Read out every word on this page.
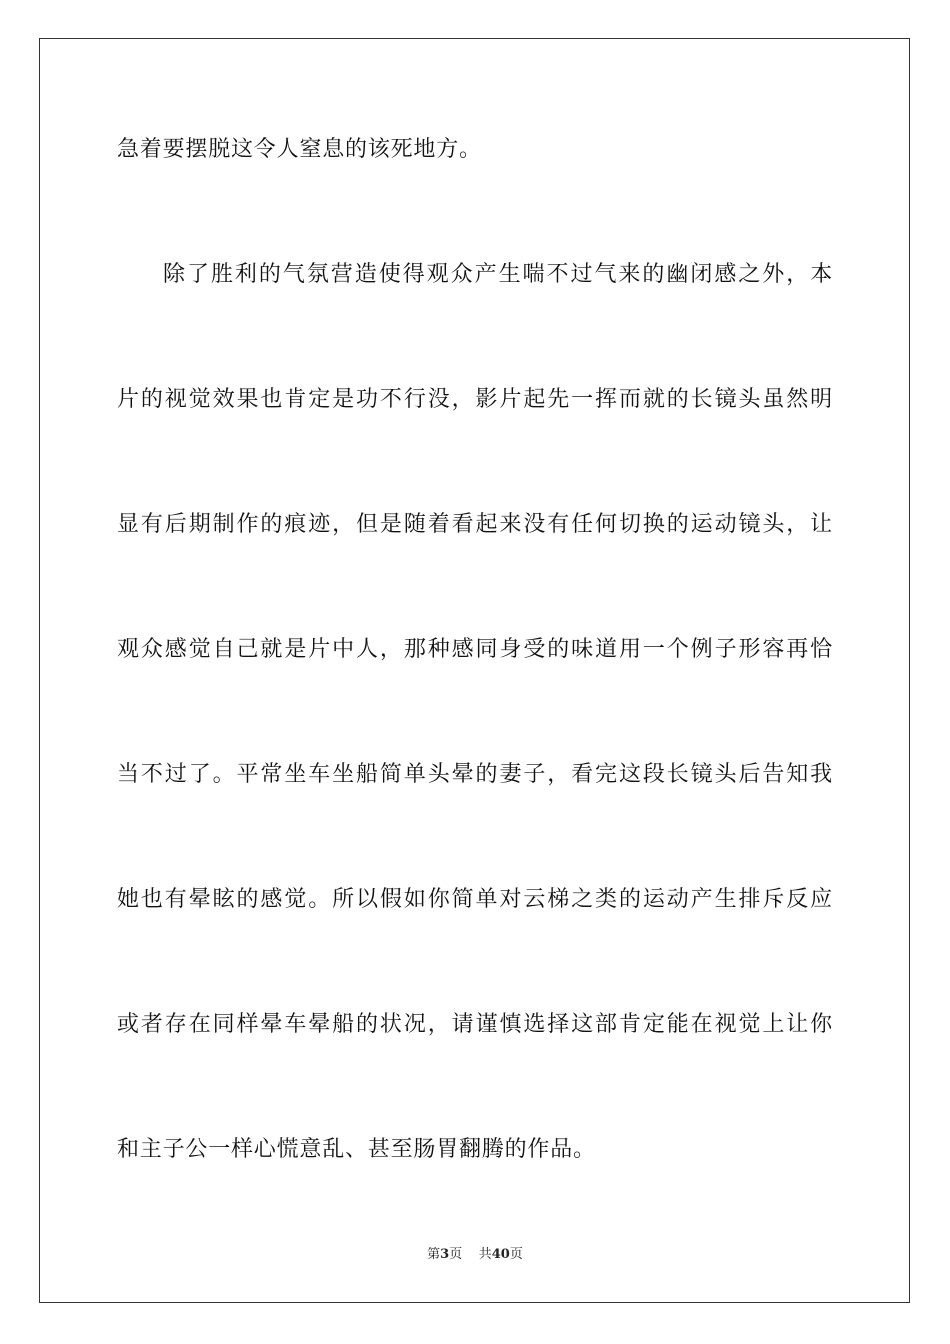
急着要摆脱这令人窒息的该死地方。
除了胜利的气氛营造使得观众产生喘不过气来的幽闭感之外，本
片的视觉效果也肯定是功不行没，影片起先一挥而就的长镜头虽然明
显有后期制作的痕迹，但是随着看起来没有任何切换的运动镜头，让
观众感觉自己就是片中人，那种感同身受的味道用一个例子形容再恰
当不过了。平常坐车坐船简单头晕的妻子，看完这段长镜头后告知我
她也有晕眩的感觉。所以假如你简单对云梯之类的运动产生排斥反应
或者存在同样晕车晕船的状况，请谨慎选择这部肯定能在视觉上让你
和主子公一样心慌意乱、甚至肠胃翻腾的作品。
第3页 共40页
